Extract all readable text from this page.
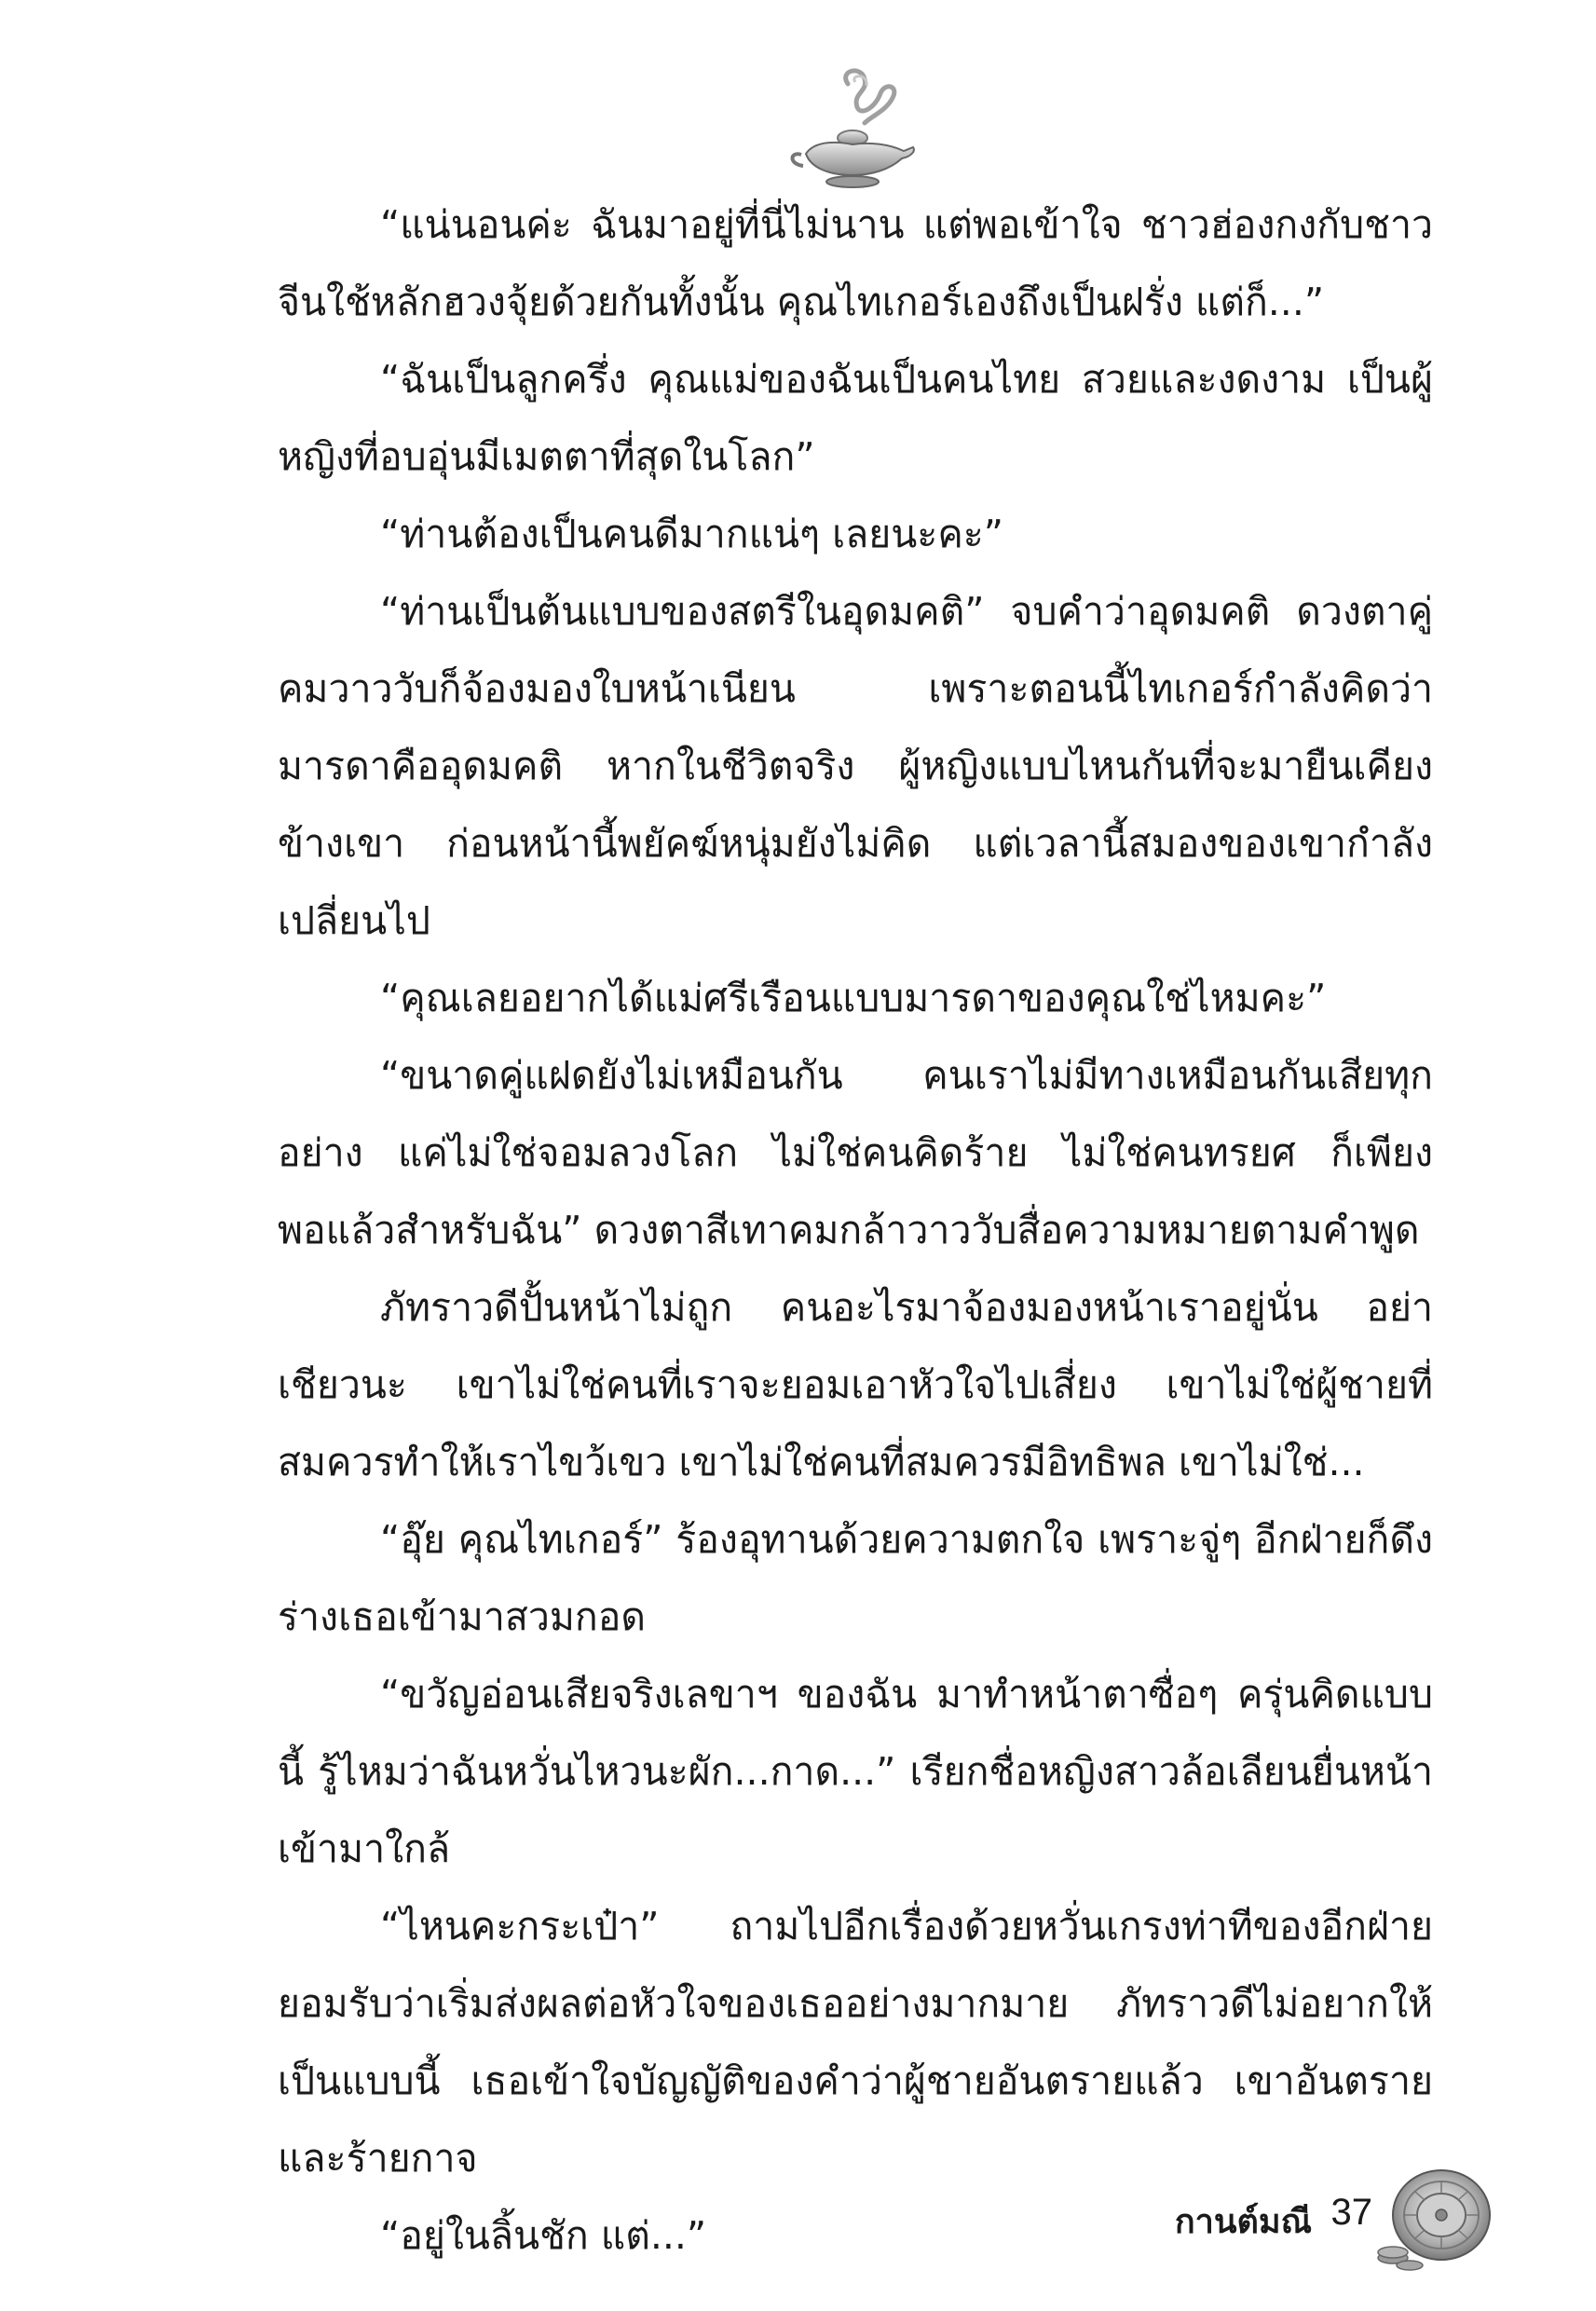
“แน่นอนค่ะ ฉันมาอยู่ที่นี่ไม่นาน แต่พอเข้าใจ ชาวฮ่องกงกับชาวจีนใช้หลักฮวงจุ้ยด้วยกันทั้งนั้น คุณไทเกอร์เองถึงเป็นฝรั่ง แต่ก็...”

“ฉันเป็นลูกครึ่ง คุณแม่ของฉันเป็นคนไทย สวยและงดงาม เป็นผู้หญิงที่อบอุ่นมีเมตตาที่สุดในโลก”

“ท่านต้องเป็นคนดีมากแน่ๆ เลยนะคะ”

“ท่านเป็นต้นแบบของสตรีในอุดมคติ” จบคำว่าอุดมคติ ดวงตาคู่คมวาววับก็จ้องมองใบหน้าเนียน เพราะตอนนี้ไทเกอร์กำลังคิดว่า มารดาคืออุดมคติ หากในชีวิตจริง ผู้หญิงแบบไหนกันที่จะมายืนเคียงข้างเขา ก่อนหน้านี้พยัคฆ์หนุ่มยังไม่คิด แต่เวลานี้สมองของเขากำลังเปลี่ยนไป

“คุณเลยอยากได้แม่ศรีเรือนแบบมารดาของคุณใช่ไหมคะ”

“ขนาดคู่แฝดยังไม่เหมือนกัน คนเราไม่มีทางเหมือนกันเสียทุกอย่าง แค่ไม่ใช่จอมลวงโลก ไม่ใช่คนคิดร้าย ไม่ใช่คนทรยศ ก็เพียงพอแล้วสำหรับฉัน” ดวงตาสีเทาคมกล้าวาววับสื่อความหมายตามคำพูด

ภัทราวดีปั้นหน้าไม่ถูก คนอะไรมาจ้องมองหน้าเราอยู่นั่น อย่าเชียวนะ เขาไม่ใช่คนที่เราจะยอมเอาหัวใจไปเสี่ยง เขาไม่ใช่ผู้ชายที่สมควรทำให้เราไขว้เขว เขาไม่ใช่คนที่สมควรมีอิทธิพล เขาไม่ใช่...

“อุ๊ย คุณไทเกอร์” ร้องอุทานด้วยความตกใจ เพราะจู่ๆ อีกฝ่ายก็ดึงร่างเธอเข้ามาสวมกอด

“ขวัญอ่อนเสียจริงเลขาฯ ของฉัน มาทำหน้าตาซื่อๆ ครุ่นคิดแบบนี้ รู้ไหมว่าฉันหวั่นไหวนะผัก...กาด...” เรียกชื่อหญิงสาวล้อเลียนยื่นหน้าเข้ามาใกล้

“ไหนคะกระเป๋า” ถามไปอีกเรื่องด้วยหวั่นเกรงท่าทีของอีกฝ่ายยอมรับว่าเริ่มส่งผลต่อหัวใจของเธออย่างมากมาย ภัทราวดีไม่อยากให้เป็นแบบนี้ เธอเข้าใจบัญญัติของคำว่าผู้ชายอันตรายแล้ว เขาอันตรายและร้ายกาจ

“อยู่ในลิ้นชัก แต่...”	กานต์มณี 37
